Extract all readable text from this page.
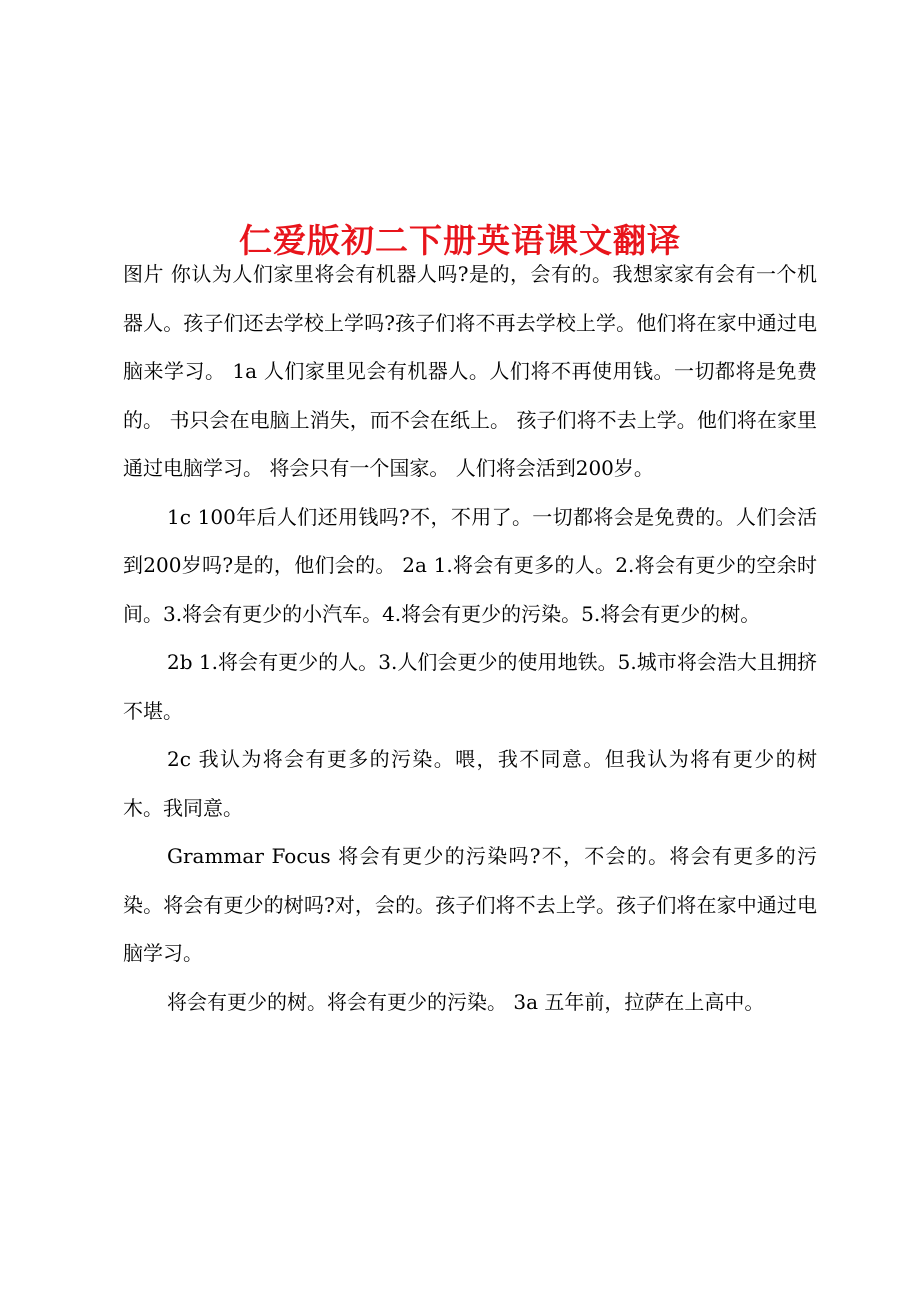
仁爱版初二下册英语课文翻译

图片 你认为人们家里将会有机器人吗?是的，会有的。我想家家有会有一个机器人。孩子们还去学校上学吗?孩子们将不再去学校上学。他们将在家中通过电脑来学习。 1a 人们家里见会有机器人。人们将不再使用钱。一切都将是免费的。 书只会在电脑上消失，而不会在纸上。 孩子们将不去上学。他们将在家里通过电脑学习。 将会只有一个国家。 人们将会活到200岁。

1c 100年后人们还用钱吗?不，不用了。一切都将会是免费的。人们会活到200岁吗?是的，他们会的。 2a 1.将会有更多的人。2.将会有更少的空余时间。3.将会有更少的小汽车。4.将会有更少的污染。5.将会有更少的树。

2b 1.将会有更少的人。3.人们会更少的使用地铁。5.城市将会浩大且拥挤不堪。

2c 我认为将会有更多的污染。喂，我不同意。但我认为将有更少的树木。我同意。

Grammar Focus 将会有更少的污染吗?不，不会的。将会有更多的污染。将会有更少的树吗?对，会的。孩子们将不去上学。孩子们将在家中通过电脑学习。

将会有更少的树。将会有更少的污染。 3a 五年前，拉萨在上高中。
